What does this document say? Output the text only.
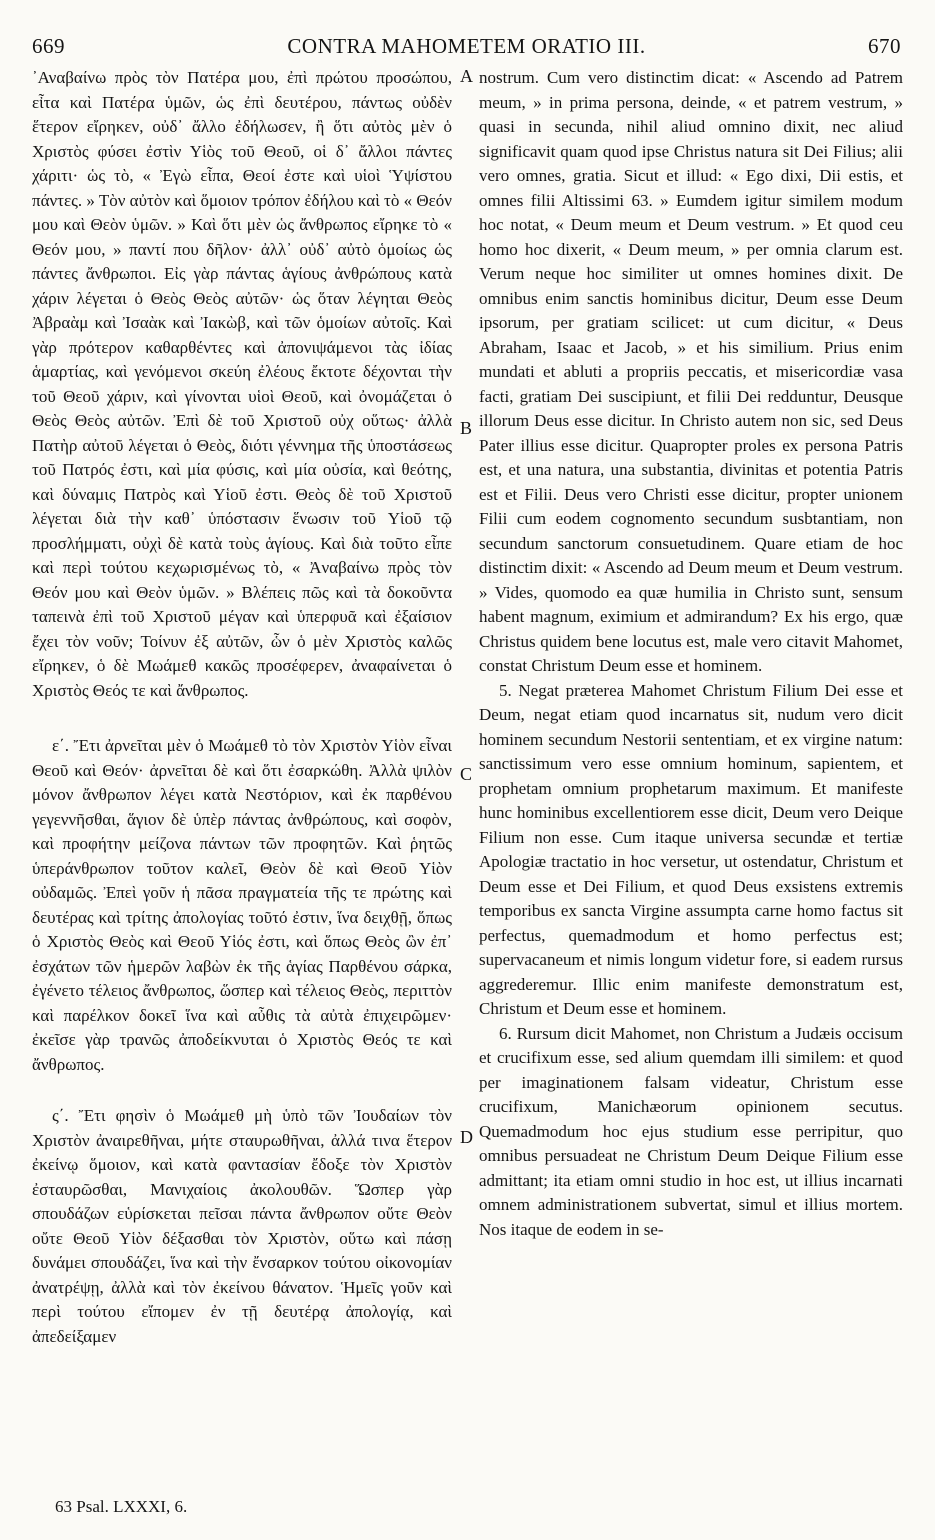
669	CONTRA MAHOMETEM ORATIO III.	670

᾿Αναβαίνω πρὸς τὸν Πατέρα μου, ἐπὶ πρώτου προσώπου, εἶτα καὶ Πατέρα ὑμῶν, ὡς ἐπὶ δευτέρου, πάντως οὐδὲν ἕτερον εἴρηκεν, οὐδ᾿ ἄλλο ἐδήλωσεν, ἢ ὅτι αὐτὸς μὲν ὁ Χριστὸς φύσει ἐστὶν Υἱὸς τοῦ Θεοῦ, οἱ δ᾿ ἄλλοι πάντες χάριτι· ὡς τὸ, « Ἐγὼ εἶπα, Θεοί ἐστε καὶ υἱοὶ Ὑψίστου πάντες. » Τὸν αὐτὸν καὶ ὅμοιον τρόπον ἐδήλου καὶ τὸ « Θεόν μου καὶ Θεὸν ὑμῶν. » Καὶ ὅτι μὲν ὡς ἄνθρωπος εἴρηκε τὸ « Θεόν μου, » παντί που δῆλον· ἀλλ᾿ οὐδ᾿ αὐτὸ ὁμοίως ὡς πάντες ἄνθρωποι. Εἰς γὰρ πάντας ἁγίους ἀνθρώπους κατὰ χάριν λέγεται ὁ Θεὸς Θεὸς αὐτῶν· ὡς ὅταν λέγηται Θεὸς Ἀβραὰμ καὶ Ἰσαὰκ καὶ Ἰακὼβ, καὶ τῶν ὁμοίων αὐτοῖς. Καὶ γὰρ πρότερον καθαρθέντες καὶ ἀπονιψάμενοι τὰς ἰδίας ἁμαρτίας, καὶ γενόμενοι σκεύη ἐλέους ἔκτοτε δέχονται τὴν τοῦ Θεοῦ χάριν, καὶ γίνονται υἱοὶ Θεοῦ, καὶ ὀνομάζεται ὁ Θεὸς Θεὸς αὐτῶν. Ἐπὶ δὲ τοῦ Χριστοῦ οὐχ οὕτως· ἀλλὰ Πατὴρ αὐτοῦ λέγεται ὁ Θεὸς, διότι γέννημα τῆς ὑποστάσεως τοῦ Πατρός ἐστι, καὶ μία φύσις, καὶ μία οὐσία, καὶ θεότης, καὶ δύναμις Πατρὸς καὶ Υἱοῦ ἐστι. Θεὸς δὲ τοῦ Χριστοῦ λέγεται διὰ τὴν καθ᾿ ὑπόστασιν ἕνωσιν τοῦ Υἱοῦ τῷ προσλήμματι, οὐχὶ δὲ κατὰ τοὺς ἁγίους. Καὶ διὰ τοῦτο εἶπε καὶ περὶ τούτου κεχωρισμένως τὸ, « Ἀναβαίνω πρὸς τὸν Θεόν μου καὶ Θεὸν ὑμῶν. » Βλέπεις πῶς καὶ τὰ δοκοῦντα ταπεινὰ ἐπὶ τοῦ Χριστοῦ μέγαν καὶ ὑπερφυᾶ καὶ ἐξαίσιον ἔχει τὸν νοῦν; Τοίνυν ἐξ αὐτῶν, ὧν ὁ μὲν Χριστὸς καλῶς εἴρηκεν, ὁ δὲ Μωάμεθ κακῶς προσέφερεν, ἀναφαίνεται ὁ Χριστὸς Θεός τε καὶ ἄνθρωπος.

ε΄. Ἔτι ἀρνεῖται μὲν ὁ Μωάμεθ τὸ τὸν Χριστὸν Υἱὸν εἶναι Θεοῦ καὶ Θεόν· ἀρνεῖται δὲ καὶ ὅτι ἐσαρκώθη. Ἀλλὰ ψιλὸν μόνον ἄνθρωπον λέγει κατὰ Νεστόριον, καὶ ἐκ παρθένου γεγεννῆσθαι, ἅγιον δὲ ὑπὲρ πάντας ἀνθρώπους, καὶ σοφὸν, καὶ προφήτην μείζονα πάντων τῶν προφητῶν. Καὶ ῥητῶς ὑπεράνθρωπον τοῦτον καλεῖ, Θεὸν δὲ καὶ Θεοῦ Υἱὸν οὐδαμῶς. Ἐπεὶ γοῦν ἡ πᾶσα πραγματεία τῆς τε πρώτης καὶ δευτέρας καὶ τρίτης ἀπολογίας τοῦτό ἐστιν, ἵνα δειχθῇ, ὅπως ὁ Χριστὸς Θεὸς καὶ Θεοῦ Υἱός ἐστι, καὶ ὅπως Θεὸς ὢν ἐπ᾿ ἐσχάτων τῶν ἡμερῶν λαβὼν ἐκ τῆς ἁγίας Παρθένου σάρκα, ἐγένετο τέλειος ἄνθρωπος, ὥσπερ καὶ τέλειος Θεὸς, περιττὸν καὶ παρέλκον δοκεῖ ἵνα καὶ αὖθις τὰ αὐτὰ ἐπιχειρῶμεν· ἐκεῖσε γὰρ τρανῶς ἀποδείκνυται ὁ Χριστὸς Θεός τε καὶ ἄνθρωπος.

ς΄. Ἔτι φησὶν ὁ Μωάμεθ μὴ ὑπὸ τῶν Ἰουδαίων τὸν Χριστὸν ἀναιρεθῆναι, μήτε σταυρωθῆναι, ἀλλά τινα ἕτερον ἐκείνῳ ὅμοιον, καὶ κατὰ φαντασίαν ἔδοξε τὸν Χριστὸν ἐσταυρῶσθαι, Μανιχαίοις ἀκολουθῶν. Ὥσπερ γὰρ σπουδάζων εὑρίσκεται πεῖσαι πάντα ἄνθρωπον οὔτε Θεὸν οὔτε Θεοῦ Υἱὸν δέξασθαι τὸν Χριστὸν, οὕτω καὶ πάσῃ δυνάμει σπουδάζει, ἵνα καὶ τὴν ἔνσαρκον τούτου οἰκονομίαν ἀνατρέψῃ, ἀλλὰ καὶ τὸν ἐκείνου θάνατον. Ἡμεῖς γοῦν καὶ περὶ τούτου εἴπομεν ἐν τῇ δευτέρᾳ ἀπολογίᾳ, καὶ ἀπεδείξαμεν

nostrum. Cum vero distinctim dicat: « Ascendo ad Patrem meum, » in prima persona, deinde, « et patrem vestrum, » quasi in secunda, nihil aliud omnino dixit, nec aliud significavit quam quod ipse Christus natura sit Dei Filius; alii vero omnes, gratia. Sicut et illud: « Ego dixi, Dii estis, et omnes filii Altissimi 63. » Eumdem igitur similem modum hoc notat, « Deum meum et Deum vestrum. » Et quod ceu homo hoc dixerit, « Deum meum, » per omnia clarum est. Verum neque hoc similiter ut omnes homines dixit. De omnibus enim sanctis hominibus dicitur, Deum esse Deum ipsorum, per gratiam scilicet: ut cum dicitur, « Deus Abraham, Isaac et Jacob, » et his similium. Prius enim mundati et abluti a propriis peccatis, et misericordiæ vasa facti, gratiam Dei suscipiunt, et filii Dei redduntur, Deusque illorum Deus esse dicitur. In Christo autem non sic, sed Deus Pater illius esse dicitur. Quapropter proles ex persona Patris est, et una natura, una substantia, divinitas et potentia Patris est et Filii. Deus vero Christi esse dicitur, propter unionem Filii cum eodem cognomento secundum susbtantiam, non secundum sanctorum consuetudinem. Quare etiam de hoc distinctim dixit: « Ascendo ad Deum meum et Deum vestrum. » Vides, quomodo ea quæ humilia in Christo sunt, sensum habent magnum, eximium et admirandum? Ex his ergo, quæ Christus quidem bene locutus est, male vero citavit Mahomet, constat Christum Deum esse et hominem.

5. Negat præterea Mahomet Christum Filium Dei esse et Deum, negat etiam quod incarnatus sit, nudum vero dicit hominem secundum Nestorii sententiam, et ex virgine natum: sanctissimum vero esse omnium hominum, sapientem, et prophetam omnium prophetarum maximum. Et manifeste hunc hominibus excellentiorem esse dicit, Deum vero Deique Filium non esse. Cum itaque universa secundæ et tertiæ Apologiæ tractatio in hoc versetur, ut ostendatur, Christum et Deum esse et Dei Filium, et quod Deus exsistens extremis temporibus ex sancta Virgine assumpta carne homo factus sit perfectus, quemadmodum et homo perfectus est; supervacaneum et nimis longum videtur fore, si eadem rursus aggrederemur. Illic enim manifeste demonstratum est, Christum et Deum esse et hominem.

6. Rursum dicit Mahomet, non Christum a Judæis occisum et crucifixum esse, sed alium quemdam illi similem: et quod per imaginationem falsam videatur, Christum esse crucifixum, Manichæorum opinionem secutus. Quemadmodum hoc ejus studium esse perripitur, quo omnibus persuadeat ne Christum Deum Deique Filium esse admittant; ita etiam omni studio in hoc est, ut illius incarnati omnem administrationem subvertat, simul et illius mortem. Nos itaque de eodem in se-

A
B
C
D
63 Psal. LXXXI, 6.
